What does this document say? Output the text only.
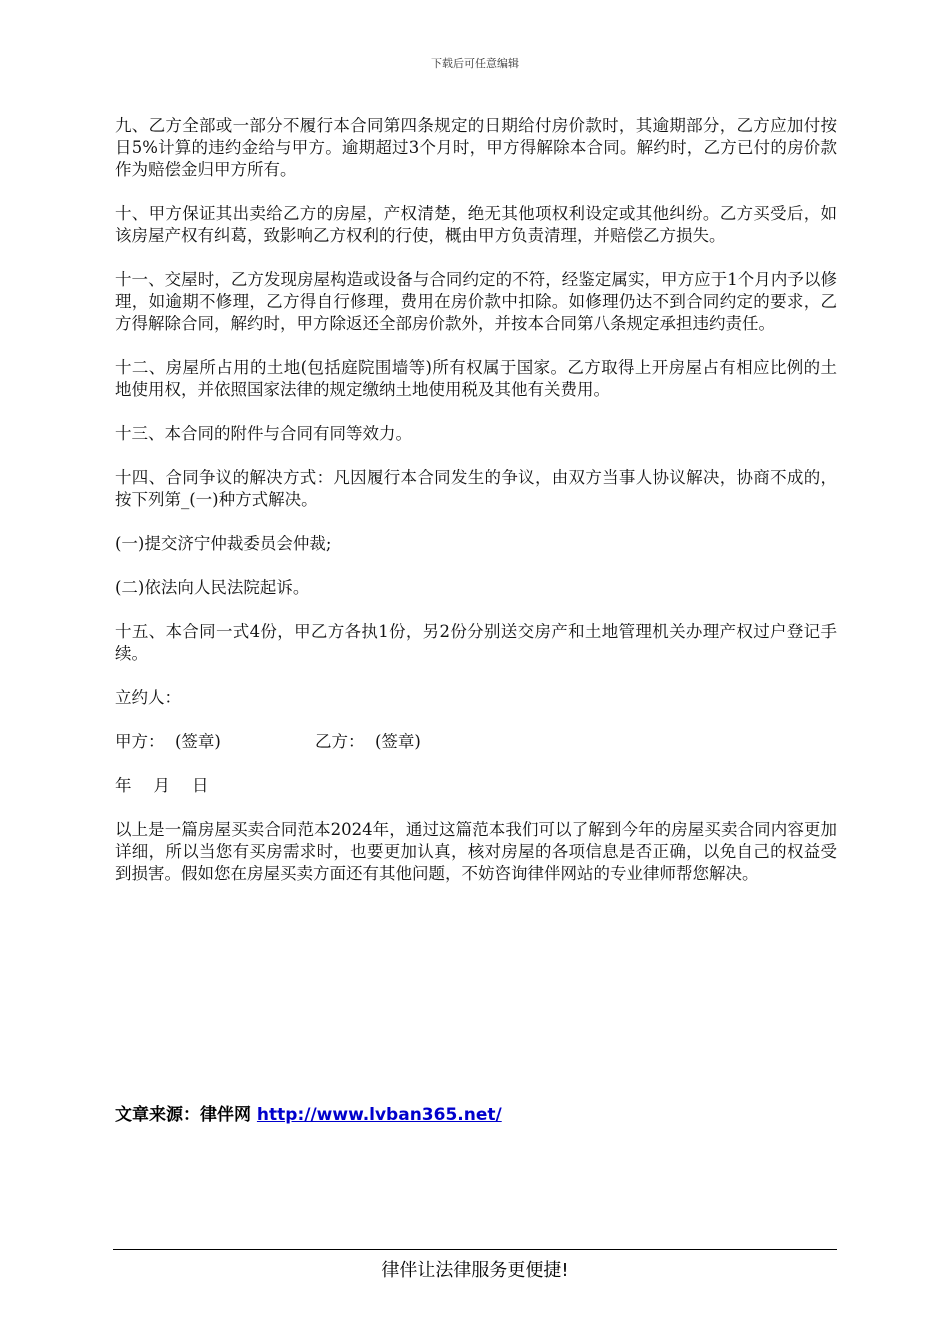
下载后可任意编辑

九、乙方全部或一部分不履行本合同第四条规定的日期给付房价款时，其逾期部分，乙方应加付按日5%计算的违约金给与甲方。逾期超过3个月时，甲方得解除本合同。解约时，乙方已付的房价款作为赔偿金归甲方所有。

十、甲方保证其出卖给乙方的房屋，产权清楚，绝无其他项权利设定或其他纠纷。乙方买受后，如该房屋产权有纠葛，致影响乙方权利的行使，概由甲方负责清理，并赔偿乙方损失。

十一、交屋时，乙方发现房屋构造或设备与合同约定的不符，经鉴定属实，甲方应于1个月内予以修理，如逾期不修理，乙方得自行修理，费用在房价款中扣除。如修理仍达不到合同约定的要求，乙方得解除合同，解约时，甲方除返还全部房价款外，并按本合同第八条规定承担违约责任。

十二、房屋所占用的土地(包括庭院围墙等)所有权属于国家。乙方取得上开房屋占有相应比例的土地使用权，并依照国家法律的规定缴纳土地使用税及其他有关费用。

十三、本合同的附件与合同有同等效力。

十四、合同争议的解决方式：凡因履行本合同发生的争议，由双方当事人协议解决，协商不成的，按下列第_(一)种方式解决。

(一)提交济宁仲裁委员会仲裁;

(二)依法向人民法院起诉。

十五、本合同一式4份，甲乙方各执1份，另2份分别送交房产和土地管理机关办理产权过户登记手续。

立约人：

甲方：  (签章)	乙方：  (签章)
年 月 日

以上是一篇房屋买卖合同范本2024年，通过这篇范本我们可以了解到今年的房屋买卖合同内容更加详细，所以当您有买房需求时，也要更加认真，核对房屋的各项信息是否正确，以免自己的权益受到损害。假如您在房屋买卖方面还有其他问题，不妨咨询律伴网站的专业律师帮您解决。

文章来源：律伴网 http://www.lvban365.net/
律伴让法律服务更便捷!
